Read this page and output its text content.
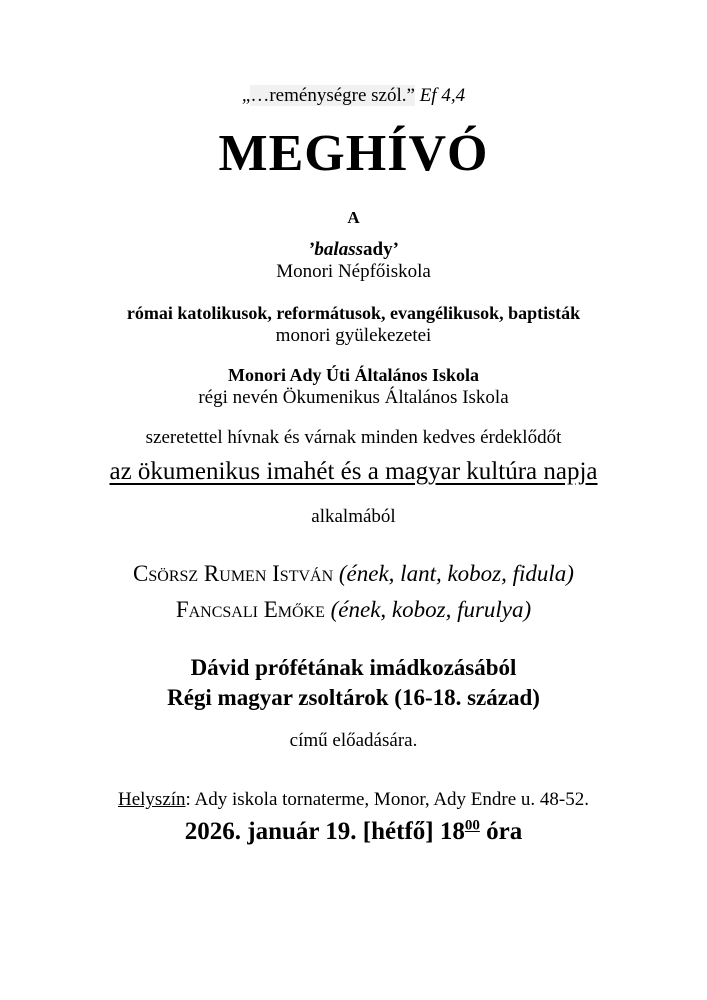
„…reménységre szól.” Ef 4,4
MEGHÍVÓ
A
’balassady’
Monori Népfőiskola
római katolikusok, reformátusok, evangélikusok, baptisták
monori gyülekezetei
Monori Ady Úti Általános Iskola
régi nevén Ökumenikus Általános Iskola
szeretettel hívnak és várnak minden kedves érdeklődőt
az ökumenikus imahét és a magyar kultúra napja
alkalmából
Csörsz Rumen István (ének, lant, koboz, fidula)
Fancsali Emőke (ének, koboz, furulya)
Dávid prófétának imádkozásából
Régi magyar zsoltárok (16-18. század)
című előadására.
Helyszín: Ady iskola tornaterme, Monor, Ady Endre u. 48-52.
2026. január 19. [hétfő] $18^{00}$ óra
